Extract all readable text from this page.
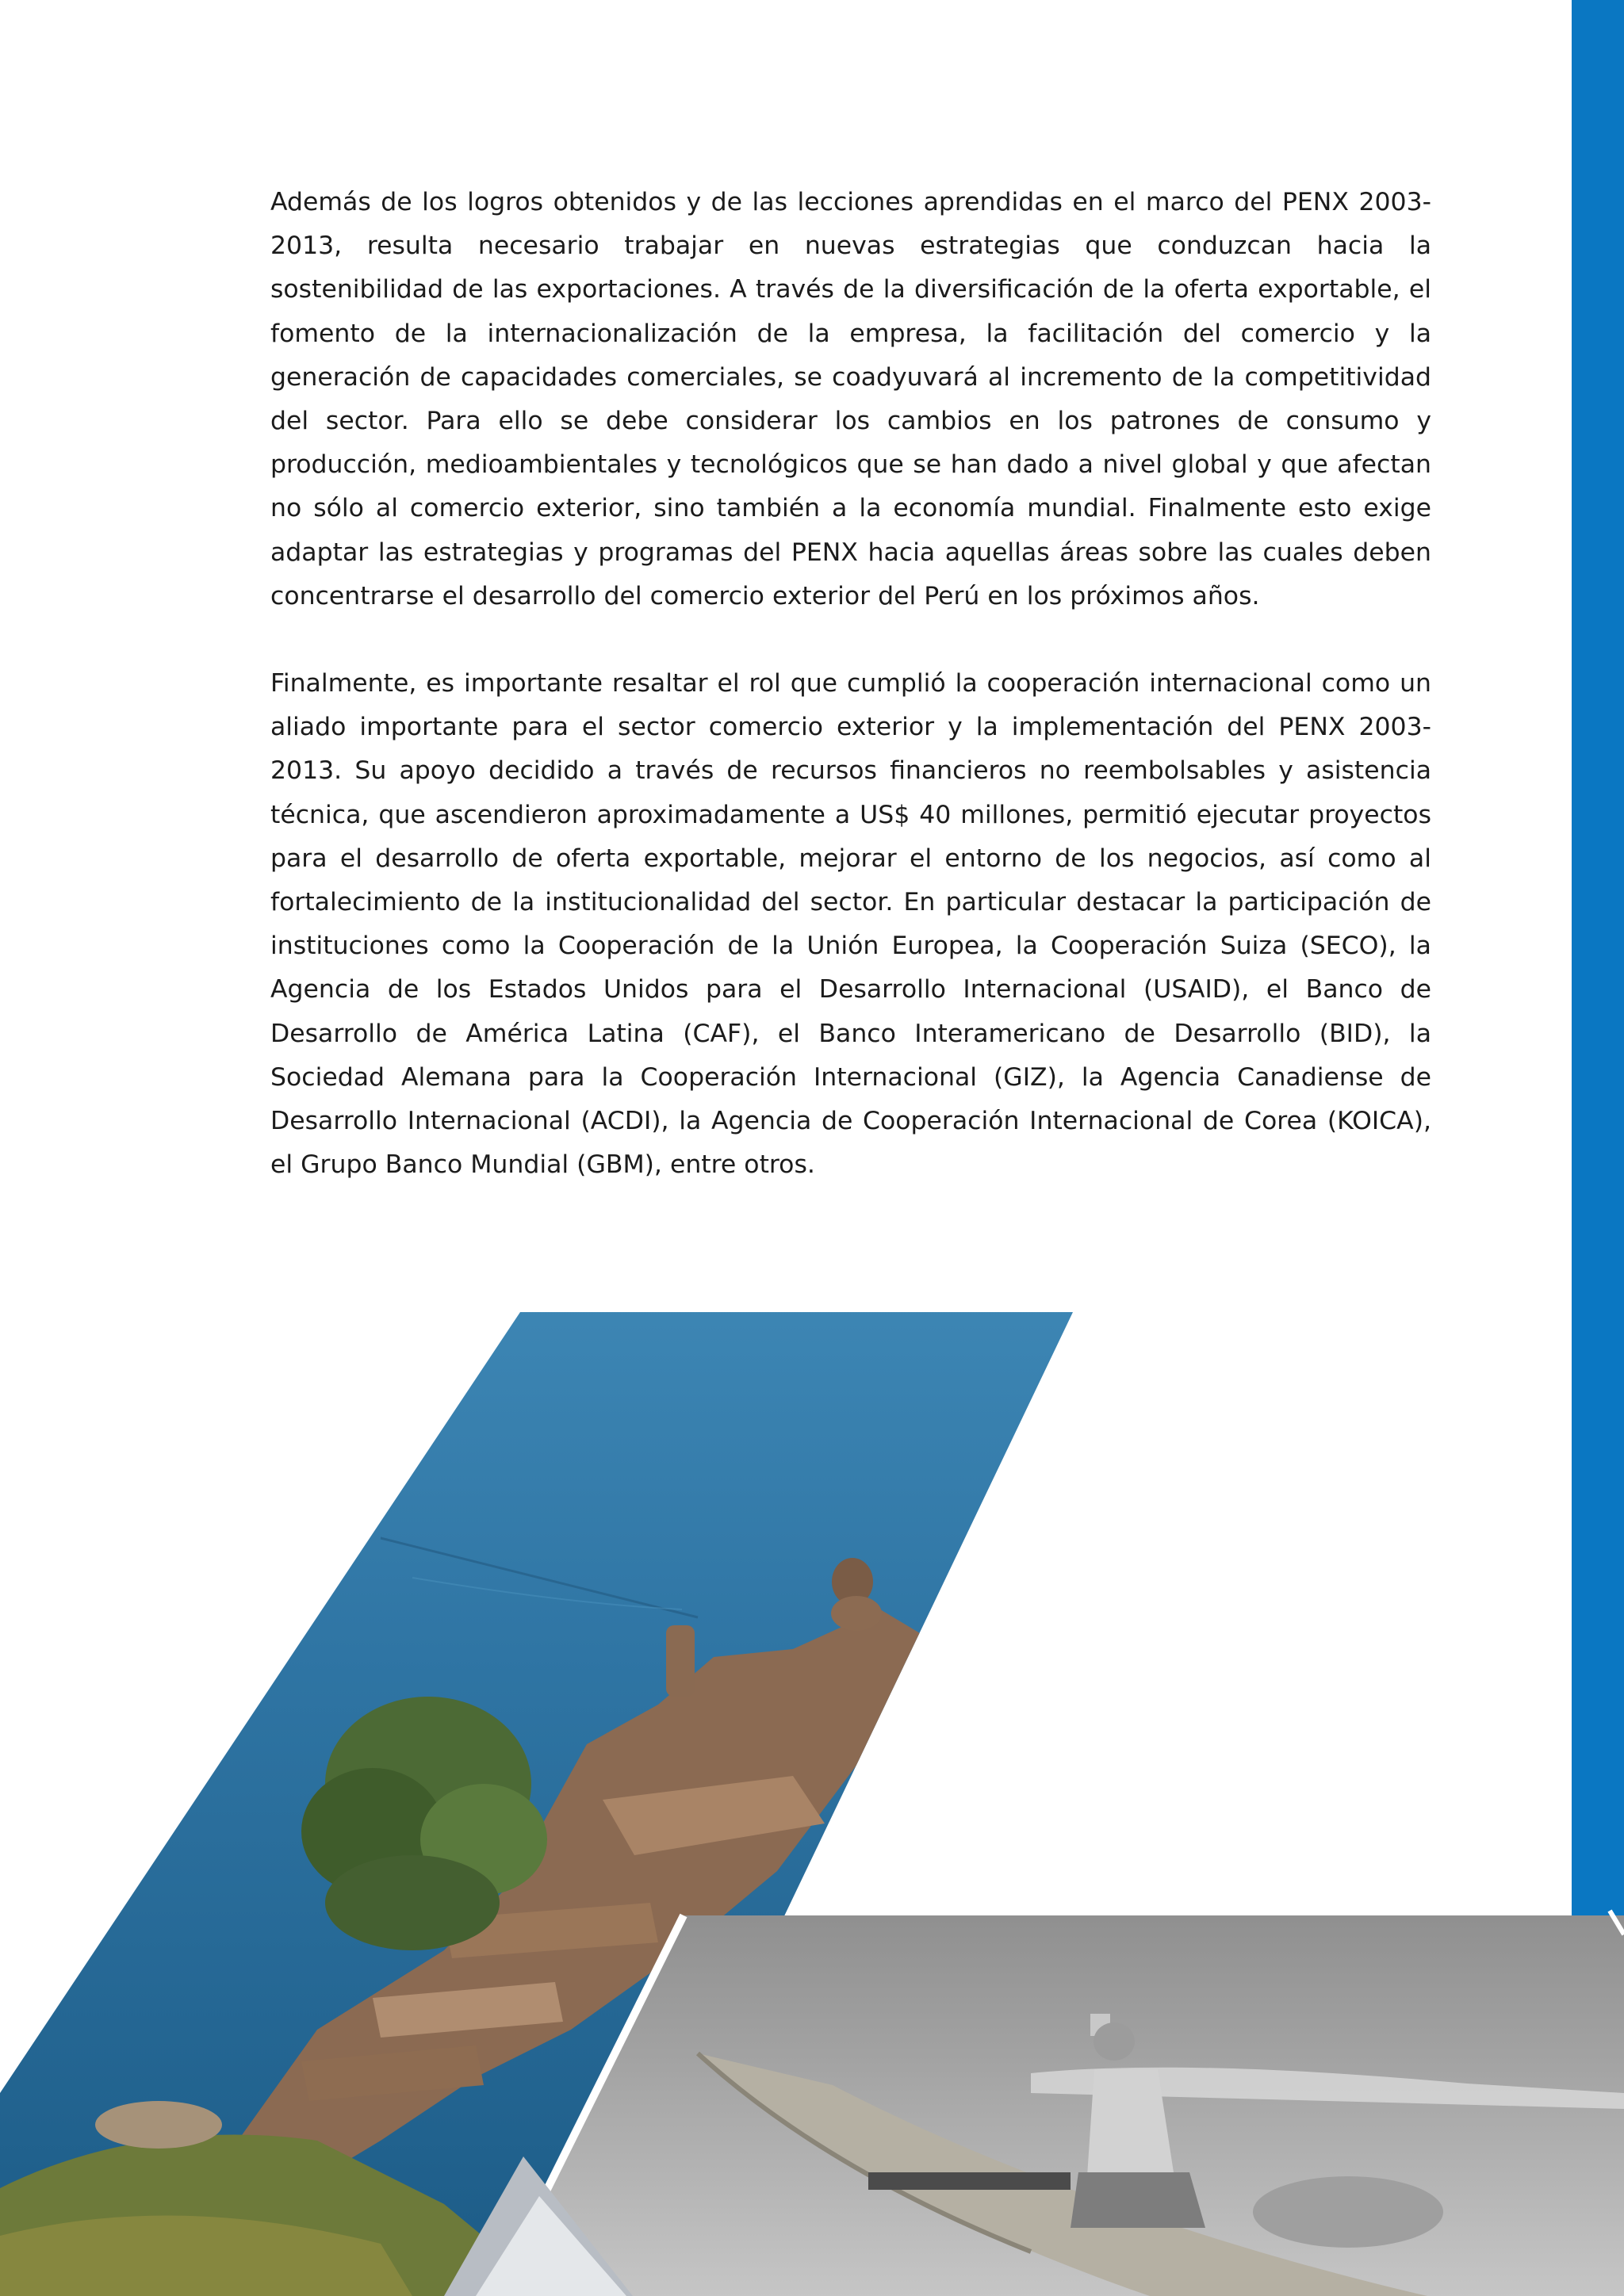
Además de los logros obtenidos y de las lecciones aprendidas en el marco del PENX 2003-2013, resulta necesario trabajar en nuevas estrategias que conduzcan hacia la sostenibilidad de las exportaciones. A través de la diversificación de la oferta exportable, el fomento de la internacionalización de la empresa, la facilitación del comercio y la generación de capacidades comerciales, se coadyuvará al incremento de la competitividad del sector. Para ello se debe considerar los cambios en los patrones de consumo y producción, medioambientales y tecnológicos que se han dado a nivel global y que afectan no sólo al comercio exterior, sino también a la economía mundial. Finalmente esto exige adaptar las estrategias y programas del PENX hacia aquellas áreas sobre las cuales deben concentrarse el desarrollo del comercio exterior del Perú en los próximos años.

Finalmente, es importante resaltar el rol que cumplió la cooperación internacional como un aliado importante para el sector comercio exterior y la implementación del PENX 2003-2013. Su apoyo decidido a través de recursos financieros no reembolsables y asistencia técnica, que ascendieron aproximadamente a US$ 40 millones, permitió ejecutar proyectos para el desarrollo de oferta exportable, mejorar el entorno de los negocios, así como al fortalecimiento de la institucionalidad del sector. En particular destacar la participación de instituciones como la Cooperación de la Unión Europea, la Cooperación Suiza (SECO), la Agencia de los Estados Unidos para el Desarrollo Internacional (USAID), el Banco de Desarrollo de América Latina (CAF), el Banco Interamericano de Desarrollo (BID), la Sociedad Alemana para la Cooperación Internacional (GIZ), la Agencia Canadiense de Desarrollo Internacional (ACDI), la Agencia de Cooperación Internacional de Corea (KOICA), el Grupo Banco Mundial (GBM), entre otros.
